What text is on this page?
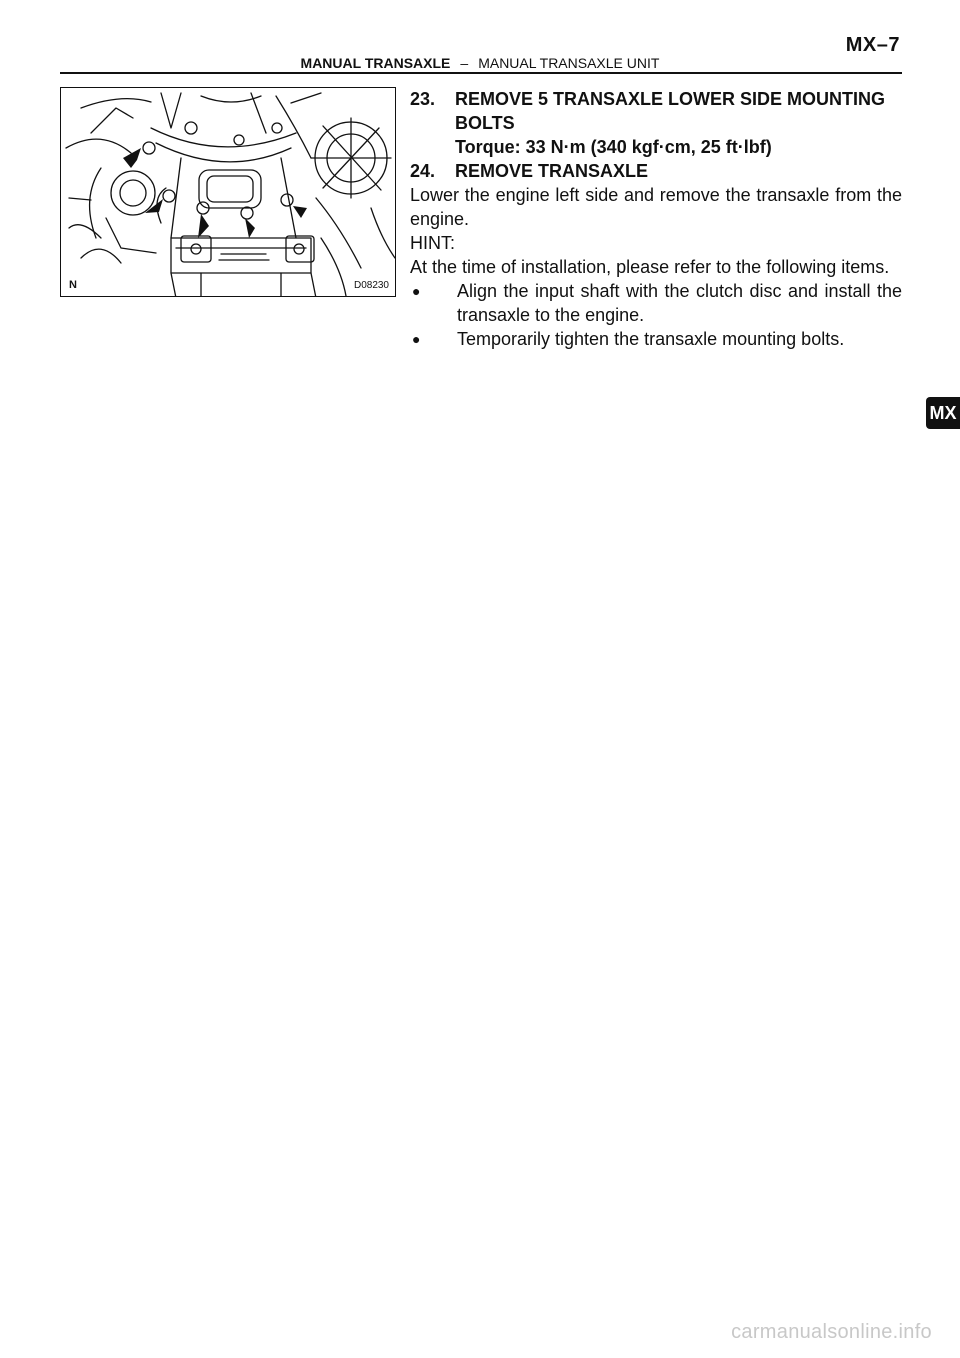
MX–7
MANUAL TRANSAXLE – MANUAL TRANSAXLE UNIT
N	D08230
23.	REMOVE 5 TRANSAXLE LOWER SIDE MOUNTING BOLTS
Torque: 33 N·m (340 kgf·cm, 25 ft·lbf)
24.	REMOVE TRANSAXLE
Lower the engine left side and remove the transaxle from the engine.
HINT:
At the time of installation, please refer to the following items.
●	Align the input shaft with the clutch disc and install the transaxle to the engine.
●	Temporarily tighten the transaxle mounting bolts.
MX
carmanualsonline.info
